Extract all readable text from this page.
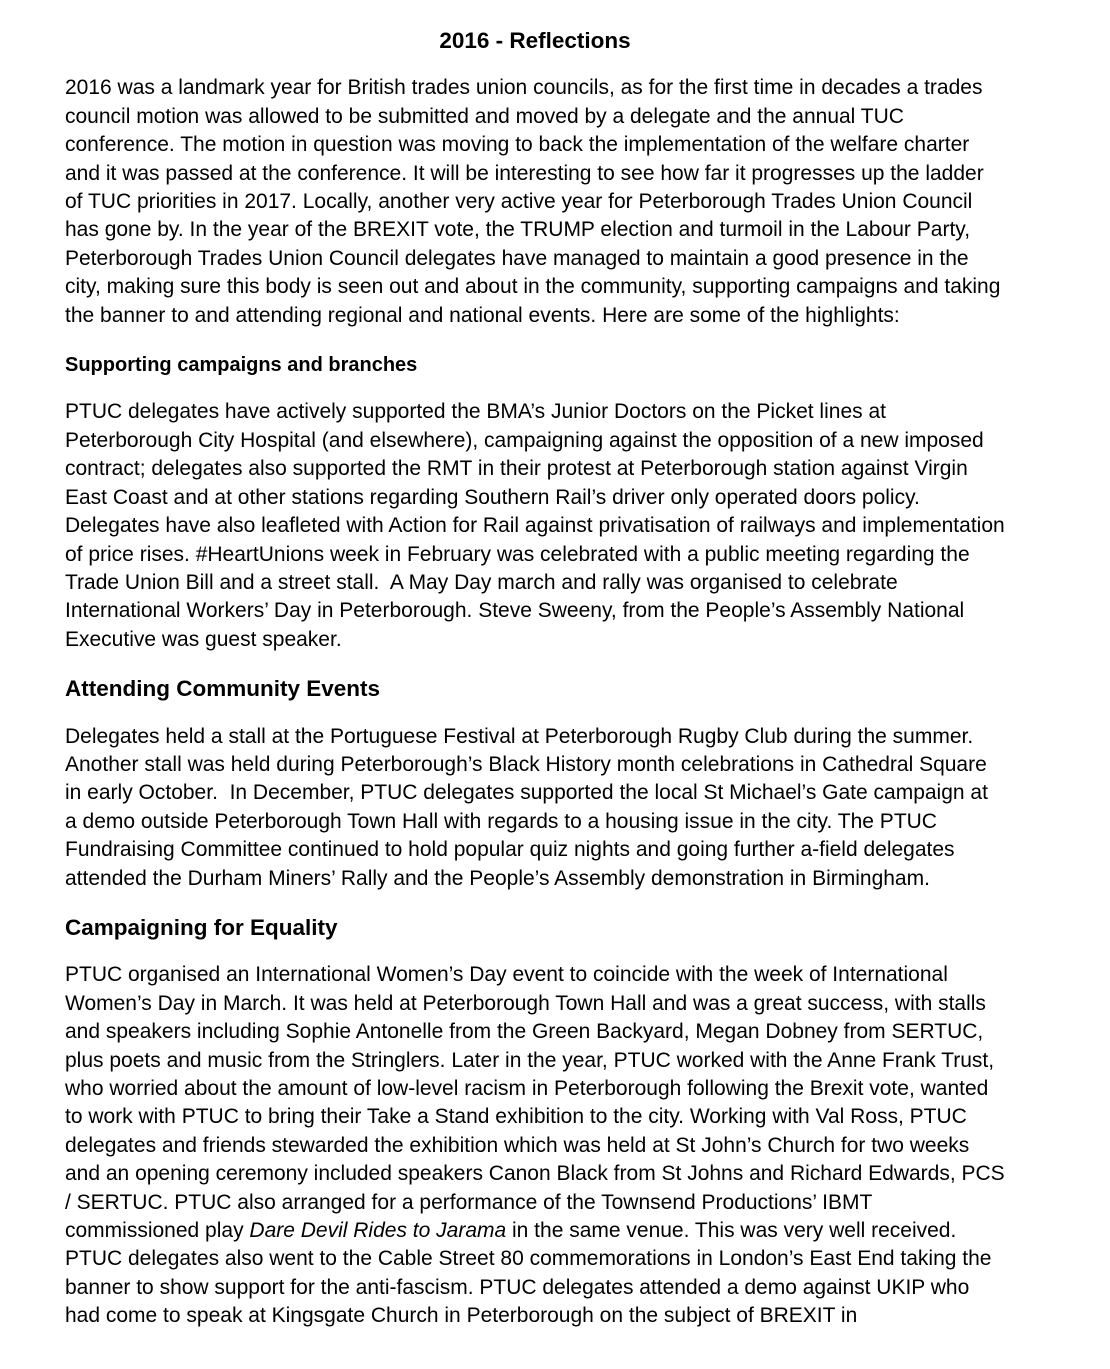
2016 - Reflections

2016 was a landmark year for British trades union councils, as for the first time in decades a trades council motion was allowed to be submitted and moved by a delegate and the annual TUC conference. The motion in question was moving to back the implementation of the welfare charter and it was passed at the conference. It will be interesting to see how far it progresses up the ladder of TUC priorities in 2017. Locally, another very active year for Peterborough Trades Union Council has gone by. In the year of the BREXIT vote, the TRUMP election and turmoil in the Labour Party, Peterborough Trades Union Council delegates have managed to maintain a good presence in the city, making sure this body is seen out and about in the community, supporting campaigns and taking the banner to and attending regional and national events. Here are some of the highlights:

Supporting campaigns and branches

PTUC delegates have actively supported the BMA’s Junior Doctors on the Picket lines at Peterborough City Hospital (and elsewhere), campaigning against the opposition of a new imposed contract; delegates also supported the RMT in their protest at Peterborough station against Virgin East Coast and at other stations regarding Southern Rail’s driver only operated doors policy. Delegates have also leafleted with Action for Rail against privatisation of railways and implementation of price rises. #HeartUnions week in February was celebrated with a public meeting regarding the Trade Union Bill and a street stall.  A May Day march and rally was organised to celebrate International Workers’ Day in Peterborough. Steve Sweeny, from the People’s Assembly National Executive was guest speaker.

Attending Community Events

Delegates held a stall at the Portuguese Festival at Peterborough Rugby Club during the summer. Another stall was held during Peterborough’s Black History month celebrations in Cathedral Square in early October.  In December, PTUC delegates supported the local St Michael’s Gate campaign at a demo outside Peterborough Town Hall with regards to a housing issue in the city. The PTUC Fundraising Committee continued to hold popular quiz nights and going further a-field delegates attended the Durham Miners’ Rally and the People’s Assembly demonstration in Birmingham.

Campaigning for Equality

PTUC organised an International Women’s Day event to coincide with the week of International Women’s Day in March. It was held at Peterborough Town Hall and was a great success, with stalls and speakers including Sophie Antonelle from the Green Backyard, Megan Dobney from SERTUC, plus poets and music from the Stringlers. Later in the year, PTUC worked with the Anne Frank Trust, who worried about the amount of low-level racism in Peterborough following the Brexit vote, wanted to work with PTUC to bring their Take a Stand exhibition to the city. Working with Val Ross, PTUC delegates and friends stewarded the exhibition which was held at St John’s Church for two weeks and an opening ceremony included speakers Canon Black from St Johns and Richard Edwards, PCS / SERTUC. PTUC also arranged for a performance of the Townsend Productions’ IBMT commissioned play Dare Devil Rides to Jarama in the same venue. This was very well received. PTUC delegates also went to the Cable Street 80 commemorations in London’s East End taking the banner to show support for the anti-fascism. PTUC delegates attended a demo against UKIP who had come to speak at Kingsgate Church in Peterborough on the subject of BREXIT in
